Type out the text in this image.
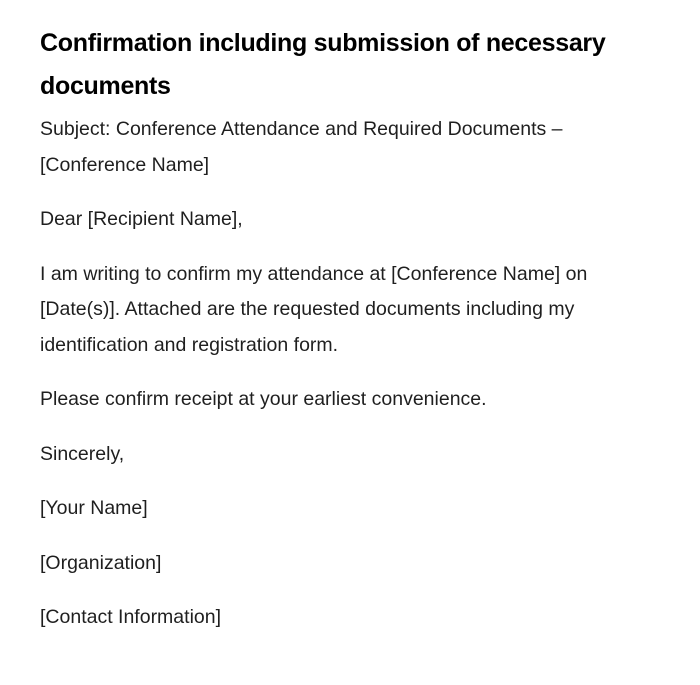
Confirmation including submission of necessary documents

Subject: Conference Attendance and Required Documents – [Conference Name]

Dear [Recipient Name],

I am writing to confirm my attendance at [Conference Name] on [Date(s)]. Attached are the requested documents including my identification and registration form.

Please confirm receipt at your earliest convenience.

Sincerely,

[Your Name]

[Organization]

[Contact Information]
